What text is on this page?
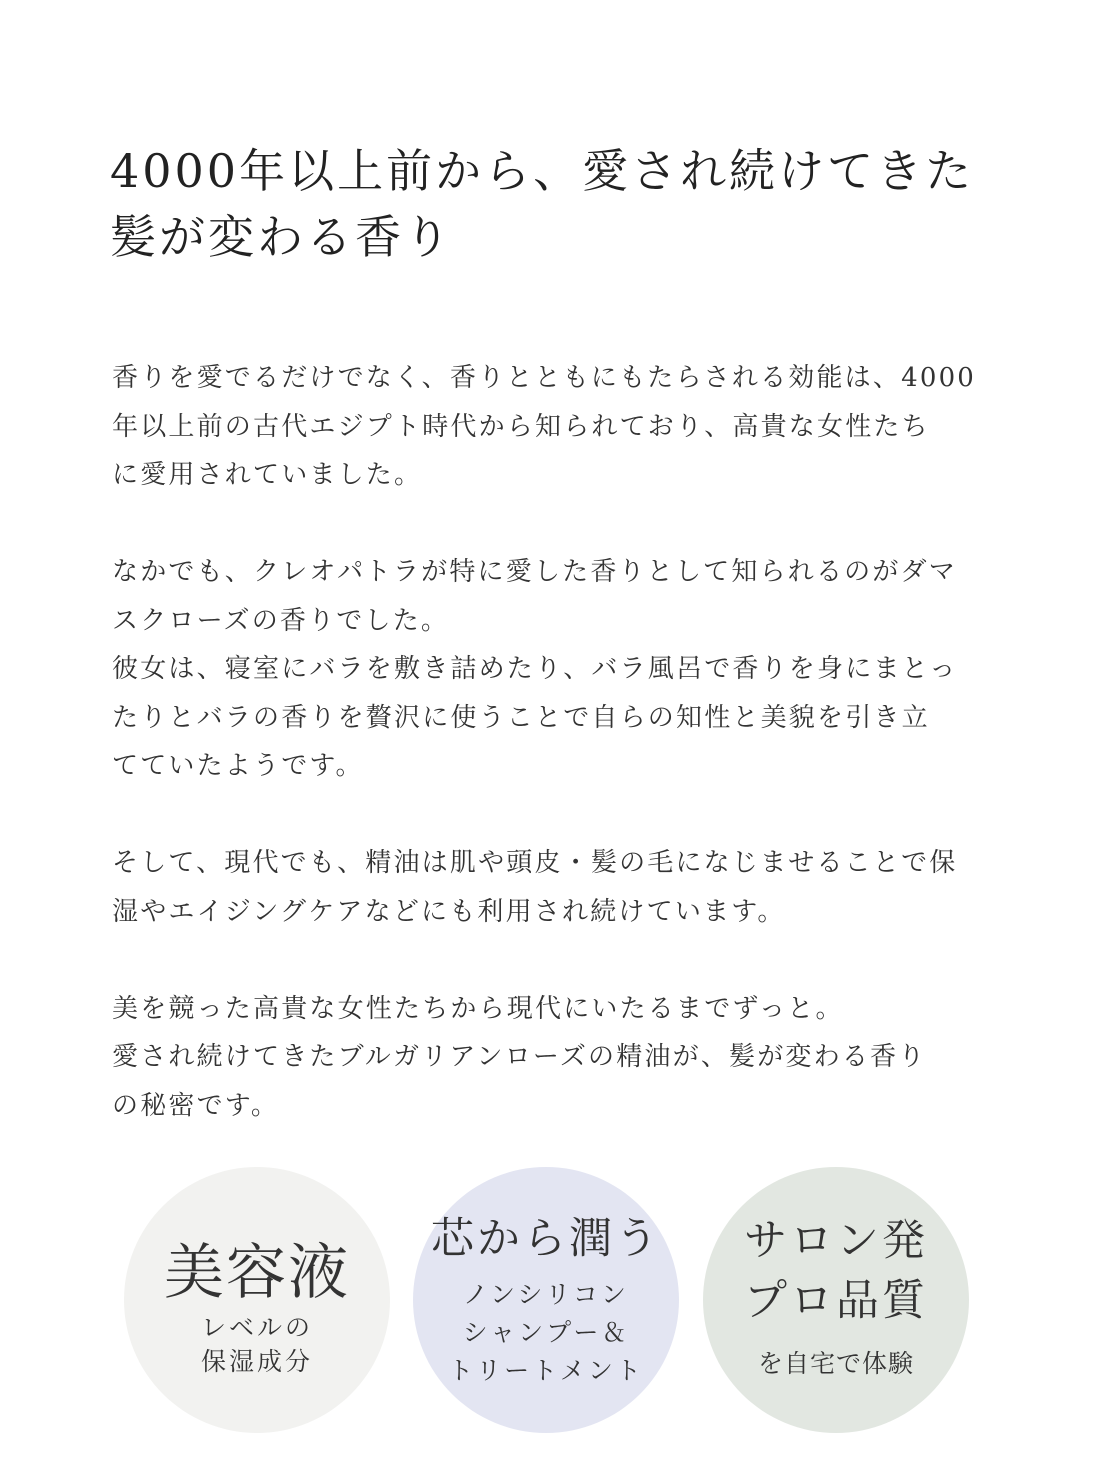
4000年以上前から、愛され続けてきた
髪が変わる香り
香りを愛でるだけでなく、香りとともにもたらされる効能は、4000
年以上前の古代エジプト時代から知られており、高貴な女性たち
に愛用されていました。
なかでも、クレオパトラが特に愛した香りとして知られるのがダマ
スクローズの香りでした。
彼女は、寝室にバラを敷き詰めたり、バラ風呂で香りを身にまとっ
たりとバラの香りを贅沢に使うことで自らの知性と美貌を引き立
てていたようです。
そして、現代でも、精油は肌や頭皮・髪の毛になじませることで保
湿やエイジングケアなどにも利用され続けています。
美を競った高貴な女性たちから現代にいたるまでずっと。
愛され続けてきたブルガリアンローズの精油が、髪が変わる香り
の秘密です。
美容液
レベルの
保湿成分
芯から潤う
ノンシリコン
シャンプー＆
トリートメント
サロン発
プロ品質
を自宅で体験
